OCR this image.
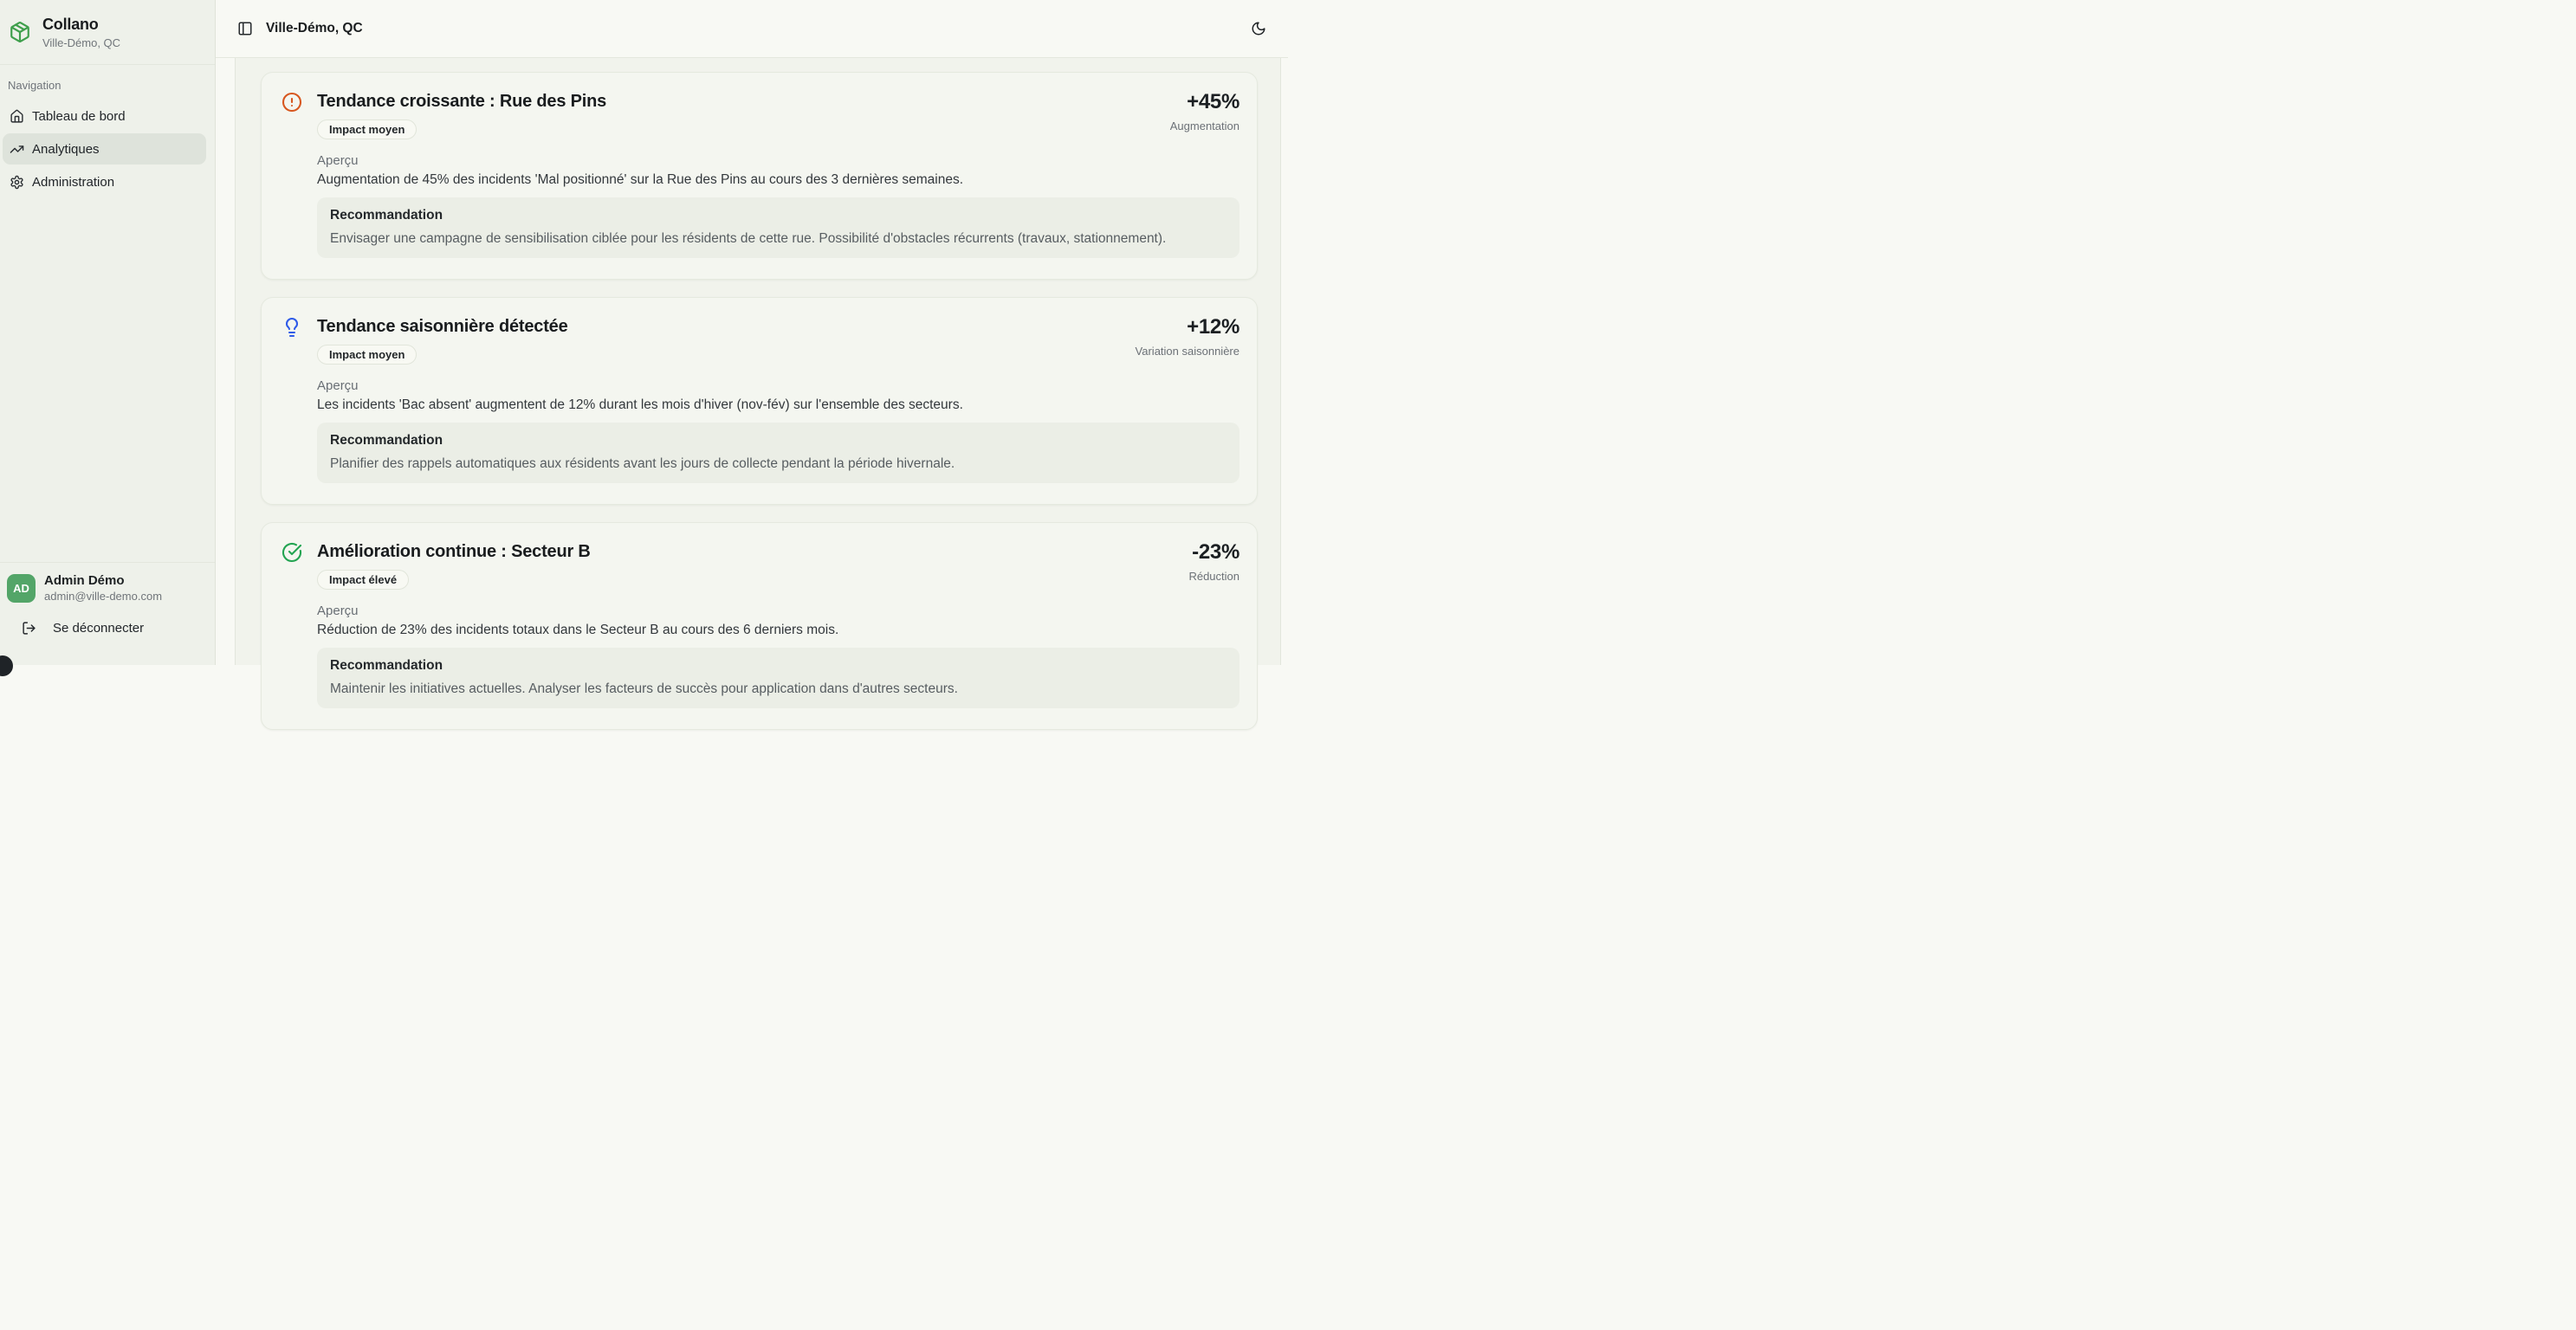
Collano
Ville-Démo, QC
Navigation
Tableau de bord
Analytiques
Administration
AD	Admin Démo
admin@ville-demo.com
Se déconnecter
Ville-Démo, QC
Tendance croissante : Rue des Pins
Impact moyen
+45%
Augmentation
Aperçu
Augmentation de 45% des incidents 'Mal positionné' sur la Rue des Pins au cours des 3 dernières semaines.
Recommandation
Envisager une campagne de sensibilisation ciblée pour les résidents de cette rue. Possibilité d'obstacles récurrents (travaux, stationnement).
Tendance saisonnière détectée
Impact moyen
+12%
Variation saisonnière
Aperçu
Les incidents 'Bac absent' augmentent de 12% durant les mois d'hiver (nov-fév) sur l'ensemble des secteurs.
Recommandation
Planifier des rappels automatiques aux résidents avant les jours de collecte pendant la période hivernale.
Amélioration continue : Secteur B
Impact élevé
-23%
Réduction
Aperçu
Réduction de 23% des incidents totaux dans le Secteur B au cours des 6 derniers mois.
Recommandation
Maintenir les initiatives actuelles. Analyser les facteurs de succès pour application dans d'autres secteurs.
